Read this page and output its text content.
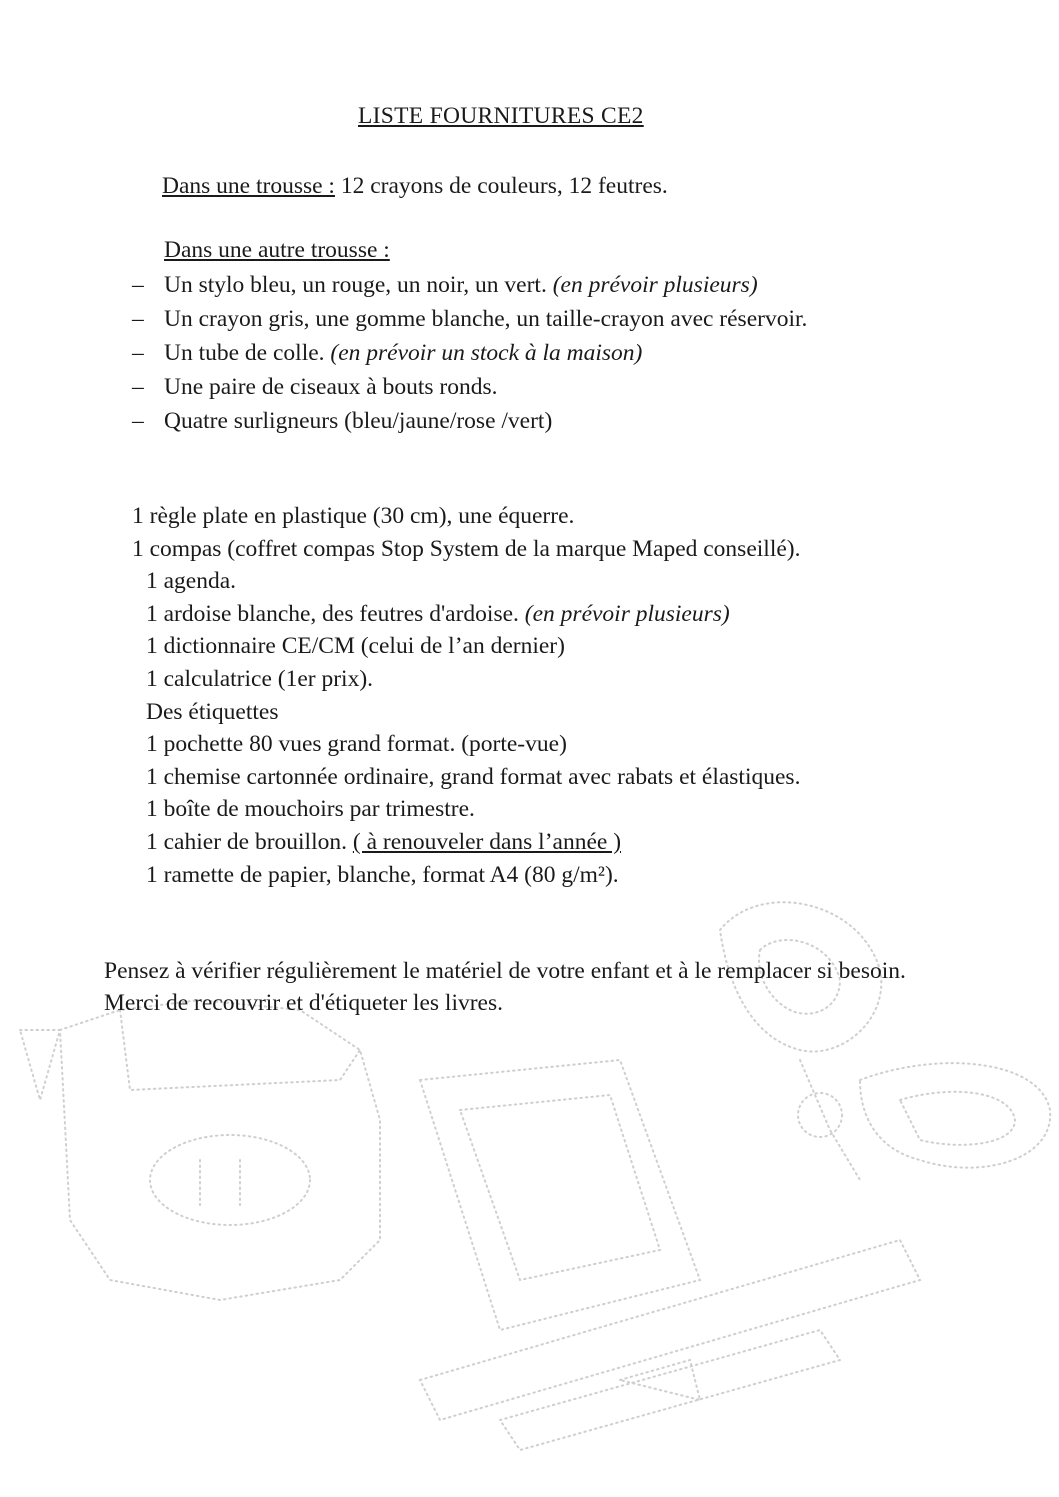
LISTE FOURNITURES CE2
Dans une trousse : 12 crayons de couleurs, 12 feutres.
Dans une autre trousse :
– Un stylo bleu, un rouge, un noir, un vert. (en prévoir plusieurs)
– Un crayon gris, une gomme blanche, un taille-crayon avec réservoir.
– Un tube de colle. (en prévoir un stock à la maison)
– Une paire de ciseaux à bouts ronds.
– Quatre surligneurs (bleu/jaune/rose /vert)
1 règle plate en plastique (30 cm), une équerre.
1 compas (coffret compas Stop System de la marque Maped conseillé).
1 agenda.
1 ardoise blanche, des feutres d'ardoise. (en prévoir plusieurs)
1 dictionnaire CE/CM (celui de l’an dernier)
1 calculatrice (1er prix).
Des étiquettes
1 pochette 80 vues grand format. (porte-vue)
1 chemise cartonnée ordinaire, grand format avec rabats et élastiques.
1 boîte de mouchoirs par trimestre.
1 cahier de brouillon. ( à renouveler dans l’année )
1 ramette de papier, blanche, format A4 (80 g/m²).

Pensez à vérifier régulièrement le matériel de votre enfant et à le remplacer si besoin.

Merci de recouvrir et d'étiqueter les livres.
